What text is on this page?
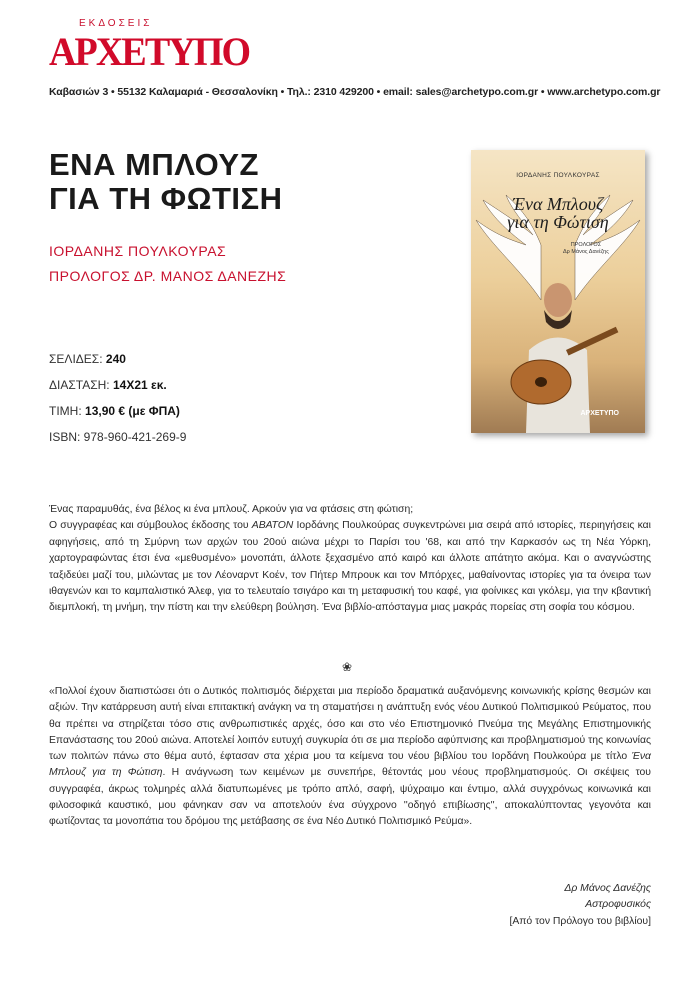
ΕΚΔΟΣΕΙΣ
ΑΡΧΕΤΥΠΟ
Καβασιών 3 • 55132 Καλαμαριά - Θεσσαλονίκη • Τηλ.: 2310 429200 • email: sales@archetypo.com.gr • www.archetypo.com.gr
ΕΝΑ ΜΠΛΟΥΖ
ΓΙΑ ΤΗ ΦΩΤΙΣΗ
ΙΟΡΔΑΝΗΣ ΠΟΥΛΚΟΥΡΑΣ
ΠΡΟΛΟΓΟΣ ΔΡ. ΜΑΝΟΣ ΔΑΝΕΖΗΣ
ΣΕΛΙΔΕΣ: 240
ΔΙΑΣΤΑΣΗ: 14Χ21 εκ.
ΤΙΜΗ: 13,90 € (με ΦΠΑ)
ISBN: 978-960-421-269-9
ΙΟΡΔΑΝΗΣ ΠΟΥΛΚΟΥΡΑΣ
Ένα Μπλουζ
για τη Φώτιση
ΠΡΟΛΟΓΟΣ
Δρ Μάνος Δανέζης
ΑΡΧΕΤΥΠΟ

Ένας παραμυθάς, ένα βέλος κι ένα μπλουζ. Αρκούν για να φτάσεις στη φώτιση;

Ο συγγραφέας και σύμβουλος έκδοσης του ΑΒΑΤΟΝ Ιορδάνης Πουλκούρας συγκεντρώνει μια σειρά από ιστορίες, περιηγήσεις και αφηγήσεις, από τη Σμύρνη των αρχών του 20ού αιώνα μέχρι το Παρίσι του '68, και από την Καρκασόν ως τη Νέα Υόρκη, χαρτογραφώντας έτσι ένα «μεθυσμένο» μονοπάτι, άλλοτε ξεχασμένο από καιρό και άλλοτε απάτητο ακόμα. Και ο αναγνώστης ταξιδεύει μαζί του, μιλώντας με τον Λέοναρντ Κοέν, τον Πήτερ Μπρουκ και τον Μπόρχες, μαθαίνοντας ιστορίες για τα όνειρα των ιθαγενών και το καμπαλιστικό Άλεφ, για το τελευταίο τσιγάρο και τη μεταφυσική του καφέ, για φοίνικες και γκόλεμ, για την κβαντική διεμπλοκή, τη μνήμη, την πίστη και την ελεύθερη βούληση. Ένα βιβλίο-απόσταγμα μιας μακράς πορείας στη σοφία του κόσμου.

❀
«Πολλοί έχουν διαπιστώσει ότι ο Δυτικός πολιτισμός διέρχεται μια περίοδο δραματικά αυξανόμενης κοινωνικής κρίσης θεσμών και αξιών. Την κατάρρευση αυτή είναι επιτακτική ανάγκη να τη σταματήσει η ανάπτυξη ενός νέου Δυτικού Πολιτισμικού Ρεύματος, που θα πρέπει να στηρίζεται τόσο στις ανθρωπιστικές αρχές, όσο και στο νέο Επιστημονικό Πνεύμα της Μεγάλης Επιστημονικής Επανάστασης του 20ού αιώνα. Αποτελεί λοιπόν ευτυχή συγκυρία ότι σε μια περίοδο αφύπνισης και προβληματισμού της κοινωνίας των πολιτών πάνω στο θέμα αυτό, έφτασαν στα χέρια μου τα κείμενα του νέου βιβλίου του Ιορδάνη Πουλκούρα με τίτλο Ένα Μπλουζ για τη Φώτιση. Η ανάγνωση των κειμένων με συνεπήρε, θέτοντάς μου νέους προβληματισμούς. Οι σκέψεις του συγγραφέα, άκρως τολμηρές αλλά διατυπωμένες με τρόπο απλό, σαφή, ψύχραιμο και έντιμο, αλλά συγχρόνως κοινωνικά και φιλοσοφικά καυστικό, μου φάνηκαν σαν να αποτελούν ένα σύγχρονο ''οδηγό επιβίωσης'', αποκαλύπτοντας γεγονότα και φωτίζοντας τα μονοπάτια του δρόμου της μετάβασης σε ένα Νέο Δυτικό Πολιτισμικό Ρεύμα».
Δρ Μάνος Δανέζης
Αστροφυσικός
[Από τον Πρόλογο του βιβλίου]
